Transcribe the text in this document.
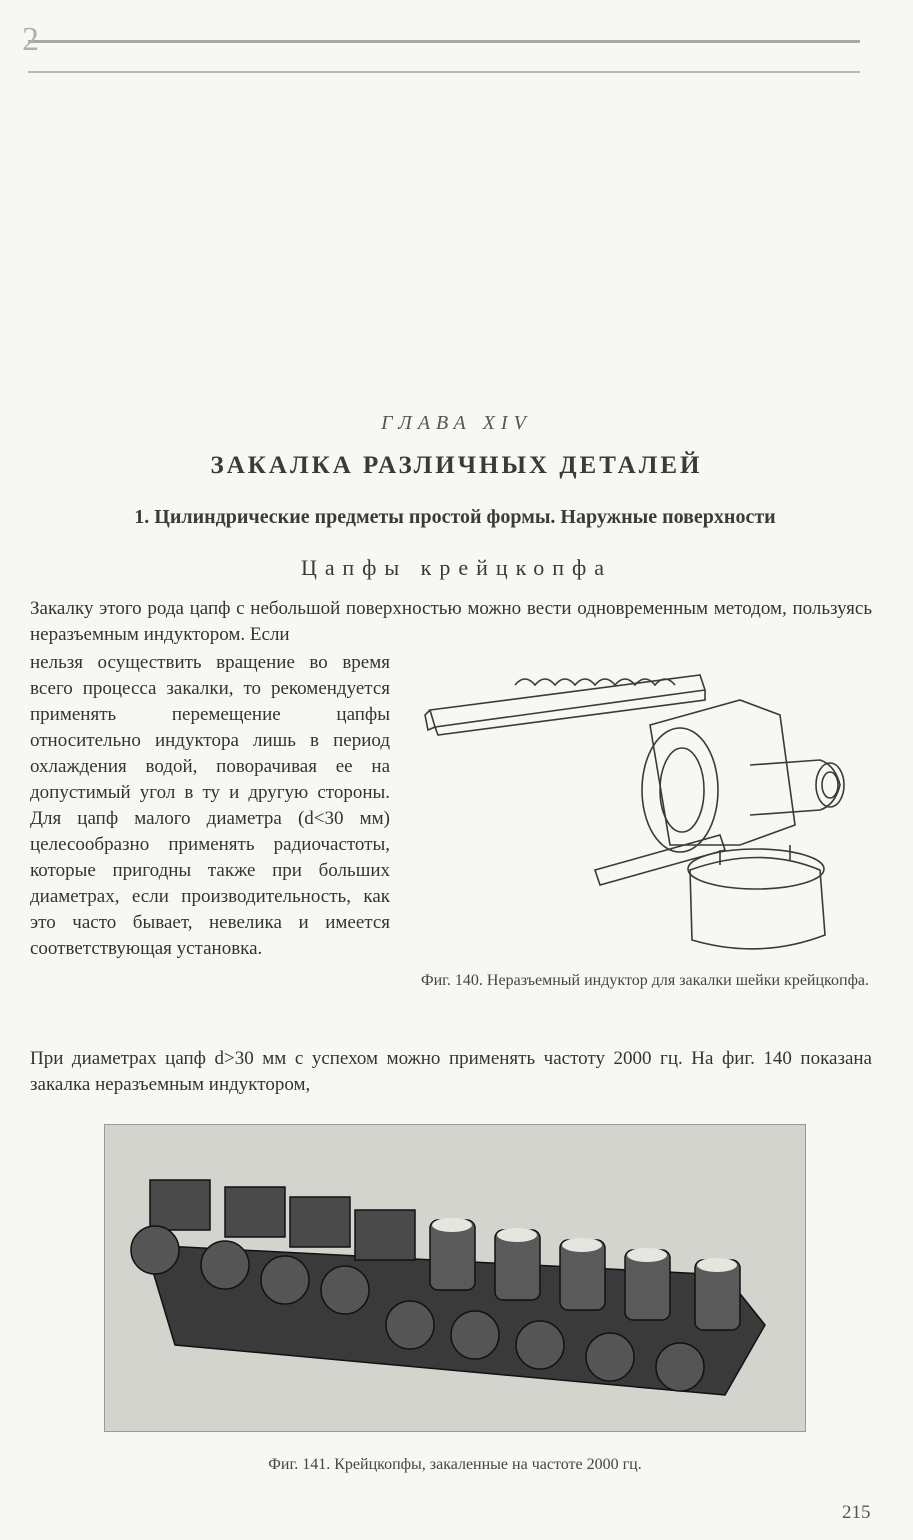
2
ГЛАВА XIV
ЗАКАЛКА РАЗЛИЧНЫХ ДЕТАЛЕЙ
1. Цилиндрические предметы простой формы. Наружные поверхности
Цапфы крейцкопфа
Закалку этого рода цапф с небольшой поверхностью можно вести одновременным методом, пользуясь неразъемным индуктором. Если
нельзя осуществить вращение во время всего процесса закалки, то рекомендуется применять перемещение цапфы относительно индуктора лишь в период охлаждения водой, поворачивая ее на допустимый угол в ту и другую стороны. Для цапф малого диаметра (d<30 мм) целесообразно применять радиочастоты, которые пригодны также при больших диаметрах, если производительность, как это часто бывает, невелика и имеется соответствующая установка.
Фиг. 140. Неразъемный индуктор для закалки шейки крейцкопфа.
При диаметрах цапф d>30 мм с успехом можно применять частоту 2000 гц. На фиг. 140 показана закалка неразъемным индуктором,
Фиг. 141. Крейцкопфы, закаленные на частоте 2000 гц.
215
